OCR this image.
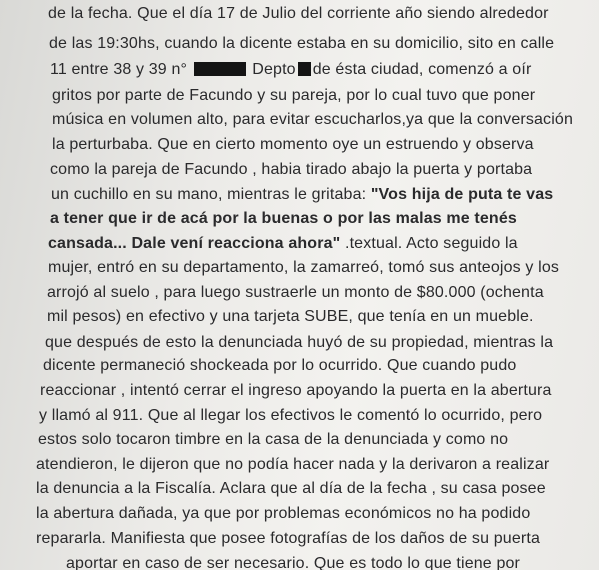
de la fecha. Que el día 17 de Julio del corriente año siendo alrededor
de las 19:30hs, cuando la dicente estaba en su domicilio, sito en calle
11 entre 38 y 39 n°	Depto de ésta ciudad, comenzó a oír
gritos por parte de Facundo y su pareja, por lo cual tuvo que poner
música en volumen alto, para evitar escucharlos,ya que la conversación
la perturbaba. Que en cierto momento oye un estruendo y observa
como la pareja de Facundo , habia tirado abajo la puerta y portaba
un cuchillo en su mano, mientras le gritaba: "Vos hija de puta te vas
a tener que ir de acá por la buenas o por las malas me tenés
cansada... Dale vení reacciona ahora" .textual. Acto seguido la
mujer, entró en su departamento, la zamarreó, tomó sus anteojos y los
arrojó al suelo , para luego sustraerle un monto de $80.000 (ochenta
mil pesos) en efectivo y una tarjeta SUBE, que tenía en un mueble.
que después de esto la denunciada huyó de su propiedad, mientras la
dicente permaneció shockeada por lo ocurrido. Que cuando pudo
reaccionar , intentó cerrar el ingreso apoyando la puerta en la abertura
y llamó al 911. Que al llegar los efectivos le comentó lo ocurrido, pero
estos solo tocaron timbre en la casa de la denunciada y como no
atendieron, le dijeron que no podía hacer nada y la derivaron a realizar
la denuncia a la Fiscalía. Aclara que al día de la fecha , su casa posee
la abertura dañada, ya que por problemas económicos no ha podido
repararla. Manifiesta que posee fotografías de los daños de su puerta
aportar en caso de ser necesario. Que es todo lo que tiene por
